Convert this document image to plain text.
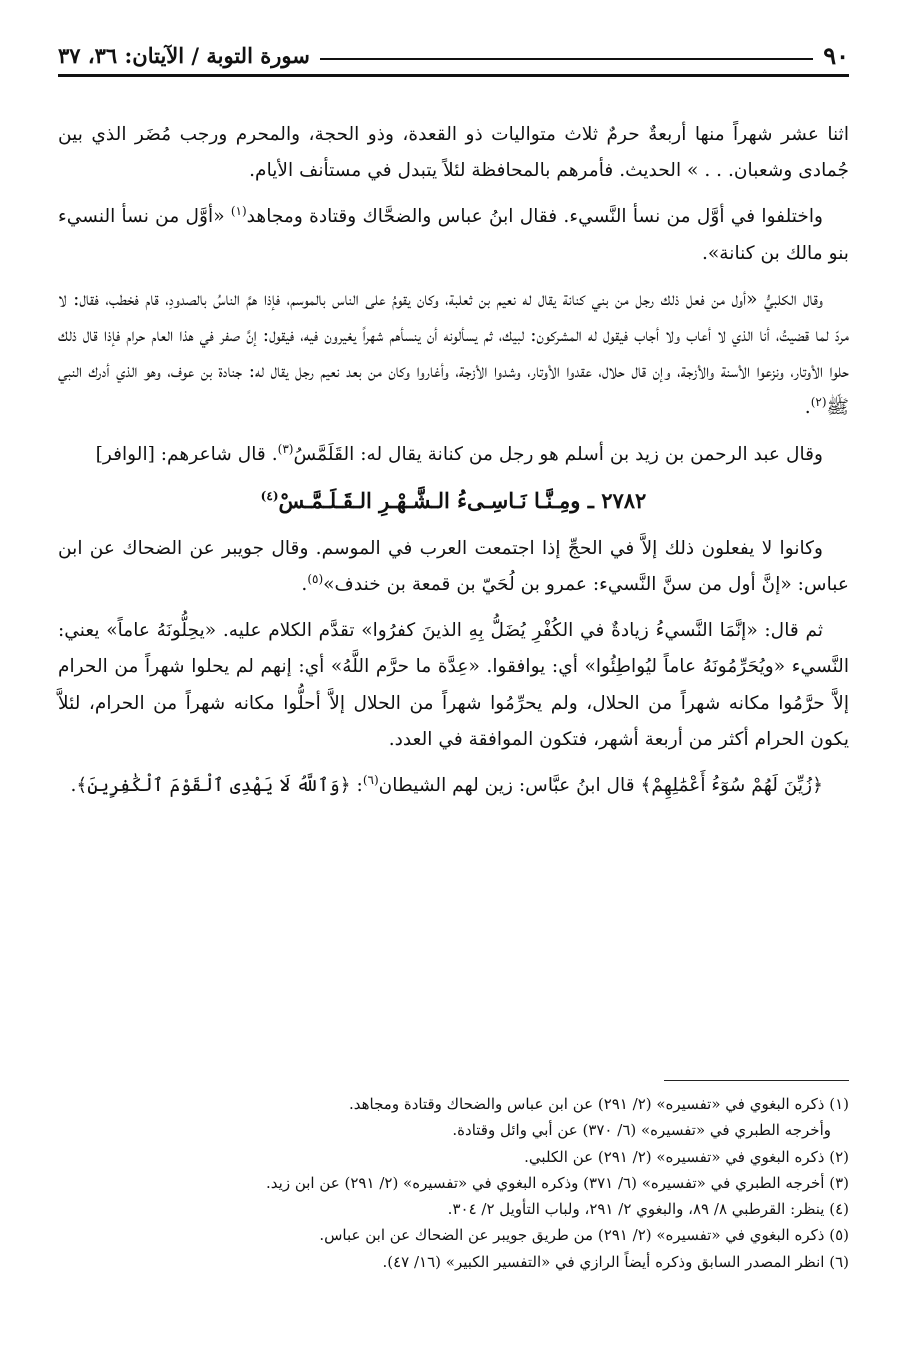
٩٠
سورة التوبة / الآيتان: ٣٦، ٣٧

اثنا عشر شهراً منها أربعةٌ حرمٌ ثلاث متواليات ذو القعدة، وذو الحجة، والمحرم ورجب مُضَر الذي بين جُمادى وشعبان. . . » الحديث. فأمرهم بالمحافظة لئلاً يتبدل في مستأنف الأيام.

واختلفوا في أوَّل من نسأ النَّسيء. فقال ابنُ عباس والضحَّاك وقتادة ومجاهد$^{(١)}$ «أوَّل من نسأ النسيء بنو مالك بن كنانة».

وقال الكلبيُّ «أول من فعل ذلك رجل من بني كنانة يقال له نعيم بن ثعلبة، وكان يقومُ على الناس بالموسم، فإذا همَّ الناسُ بالصدودِ، قام فخطب، فقال: لا مردّ لما قضيتُ، أنا الذي لا أعاب ولا أجاب فيقول له المشركون: لبيك، ثم يسألونه أن ينسأهم شهراً يغيرون فيه، فيقول: إنَّ صفر في هذا العام حرام فإذا قال ذلك حلوا الأوتار، ونزعوا الأسنة والأزجة، وإن قال حلال، عقدوا الأوتار، وشدوا الأزجة، وأغاروا وكان من بعد نعيم رجل يقال له: جنادة بن عوف، وهو الذي أدرك النبي ﷺ$^{(٢)}$.

وقال عبد الرحمن بن زيد بن أسلم هو رجل من كنانة يقال له: القَلَمَّسُ$^{(٣)}$. قال شاعرهم: [الوافر]

٢٧٨٢ ـ ومِـنَّـا نَـاسِـىءُ الـشَّـهْـرِ الـقَـلَـمَّـسْ$^{(٤)}$

وكانوا لا يفعلون ذلك إلاَّ في الحجِّ إذا اجتمعت العرب في الموسم. وقال جويبر عن الضحاك عن ابن عباس: «إنَّ أول من سنَّ النَّسيء: عمرو بن لُحَيّ بن قمعة بن خندف»$^{(٥)}$.

ثم قال: «إنَّمَا النَّسيءُ زيادةٌ في الكُفْرِ يُضَلُّ بِهِ الذينَ كفرُوا» تقدَّم الكلام عليه. «يحِلُّونَهُ عاماً» يعني: النَّسيء «ويُحَرِّمُونَهُ عاماً ليُواطِئُوا» أي: يوافقوا. «عِدَّة ما حرَّم اللَّهُ» أي: إنهم لم يحلوا شهراً من الحرام إلاَّ حرَّمُوا مكانه شهراً من الحلال، ولم يحرِّمُوا شهراً من الحلال إلاَّ أحلُّوا مكانه شهراً من الحرام، لئلاَّ يكون الحرام أكثر من أربعة أشهر، فتكون الموافقة في العدد.

﴿زُيِّنَ لَهُمْ سُوٓءُ أَعْمَٰلِهِمْ﴾ قال ابنُ عبَّاس: زين لهم الشيطان$^{(٦)}$: ﴿وَٱللَّهُ لَا يَهْدِى ٱلْقَوْمَ ٱلْكَٰفِرِينَ﴾.

(١) ذكره البغوي في «تفسيره» (٢/ ٢٩١) عن ابن عباس والضحاك وقتادة ومجاهد.

وأخرجه الطبري في «تفسيره» (٦/ ٣٧٠) عن أبي وائل وقتادة.

(٢) ذكره البغوي في «تفسيره» (٢/ ٢٩١) عن الكلبي.

(٣) أخرجه الطبري في «تفسيره» (٦/ ٣٧١) وذكره البغوي في «تفسيره» (٢/ ٢٩١) عن ابن زيد.

(٤) ينظر: القرطبي ٨/ ٨٩، والبغوي ٢/ ٢٩١، ولباب التأويل ٢/ ٣٠٤.

(٥) ذكره البغوي في «تفسيره» (٢/ ٢٩١) من طريق جويبر عن الضحاك عن ابن عباس.

(٦) انظر المصدر السابق وذكره أيضاً الرازي في «التفسير الكبير» (١٦/ ٤٧).
